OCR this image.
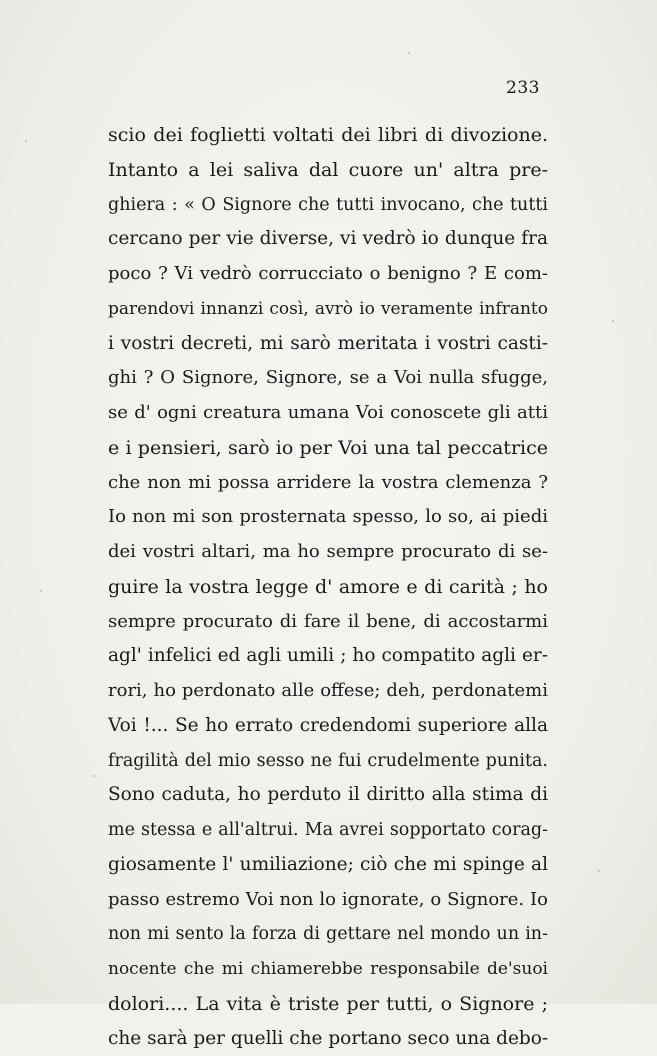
233
scio dei foglietti voltati dei libri di divozione.
Intanto a lei saliva dal cuore un' altra pre-
ghiera : « O Signore che tutti invocano, che tutti
cercano per vie diverse, vi vedrò io dunque fra
poco ? Vi vedrò corrucciato o benigno ? E com-
parendovi innanzi così, avrò io veramente infranto
i vostri decreti, mi sarò meritata i vostri casti-
ghi ? O Signore, Signore, se a Voi nulla sfugge,
se d' ogni creatura umana Voi conoscete gli atti
e i pensieri, sarò io per Voi una tal peccatrice
che non mi possa arridere la vostra clemenza ?
Io non mi son prosternata spesso, lo so, ai piedi
dei vostri altari, ma ho sempre procurato di se-
guire la vostra legge d' amore e di carità ; ho
sempre procurato di fare il bene, di accostarmi
agl' infelici ed agli umili ; ho compatito agli er-
rori, ho perdonato alle offese; deh, perdonatemi
Voi !... Se ho errato credendomi superiore alla
fragilità del mio sesso ne fui crudelmente punita.
Sono caduta, ho perduto il diritto alla stima di
me stessa e all'altrui. Ma avrei sopportato corag-
giosamente l' umiliazione; ciò che mi spinge al
passo estremo Voi non lo ignorate, o Signore. Io
non mi sento la forza di gettare nel mondo un in-
nocente che mi chiamerebbe responsabile de'suoi
dolori.... La vita è triste per tutti, o Signore ;
che sarà per quelli che portano seco una debo-
